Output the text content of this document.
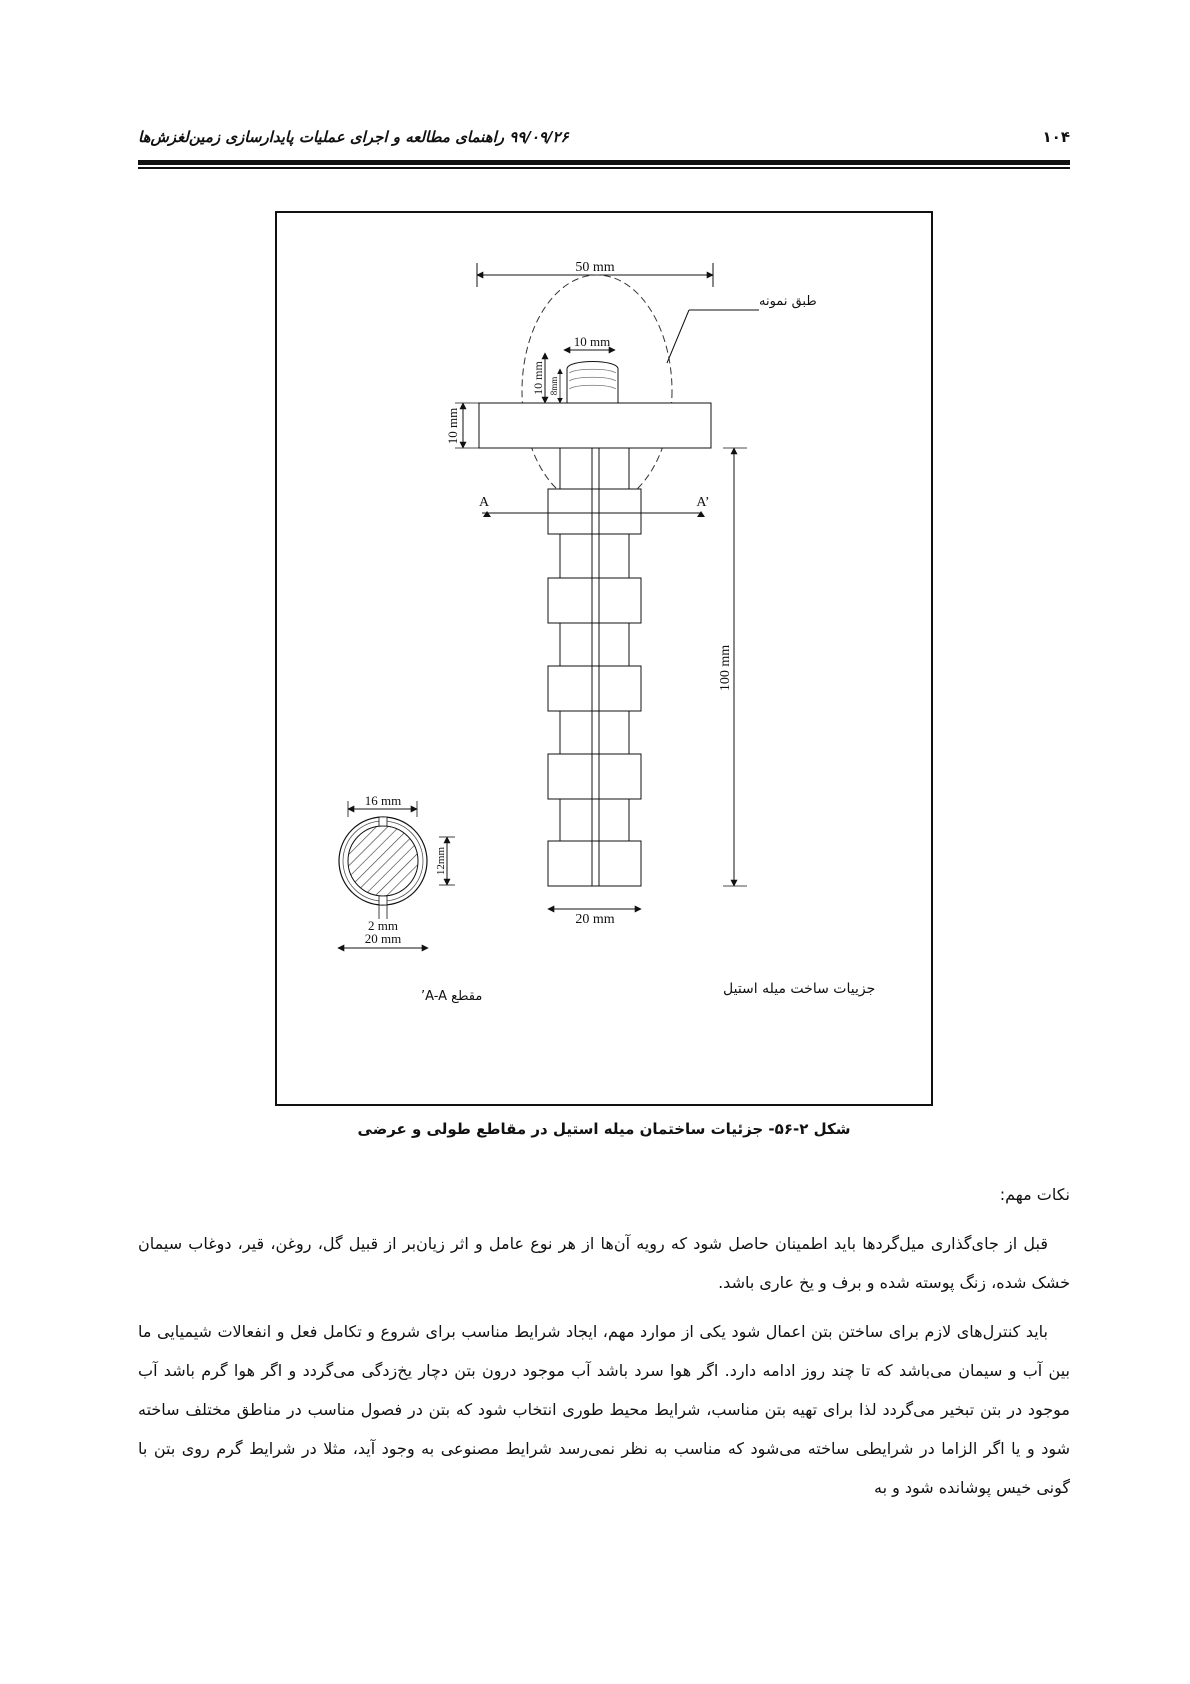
۱۰۴
۹۹/۰۹/۲۶ راهنمای مطالعه و اجرای عملیات پایدارسازی زمین‌لغزش‌ها
50 mm
طبق نمونه
10 mm
10 mm 8mm
10 mm
A	A’
100 mm
20 mm
16 mm
12mm
2 mm
20 mm
مقطع A-A’	جزییات ساخت میله استیل
شکل ۲-۵۶- جزئیات ساختمان میله استیل در مقاطع طولی و عرضی

نکات مهم:

قبل از جای‌گذاری میل‌گردها باید اطمینان حاصل شود که رویه آن‌ها از هر نوع عامل و اثر زیان‌بر از قبیل گل، روغن، قیر، دوغاب سیمان خشک شده، زنگ پوسته شده و برف و یخ عاری باشد.

باید کنترل‌های لازم برای ساختن بتن اعمال شود یکی از موارد مهم، ایجاد شرایط مناسب برای شروع و تکامل فعل و انفعالات شیمیایی ما بین آب و سیمان می‌باشد که تا چند روز ادامه دارد. اگر هوا سرد باشد آب موجود درون بتن دچار یخ‌زدگی می‌گردد و اگر هوا گرم باشد آب موجود در بتن تبخیر می‌گردد لذا برای تهیه بتن مناسب، شرایط محیط طوری انتخاب شود که بتن در فصول مناسب در مناطق مختلف ساخته شود و یا اگر الزاما در شرایطی ساخته می‌شود که مناسب به نظر نمی‌رسد شرایط مصنوعی به وجود آید، مثلا در شرایط گرم روی بتن با گونی خیس پوشانده شود و به
